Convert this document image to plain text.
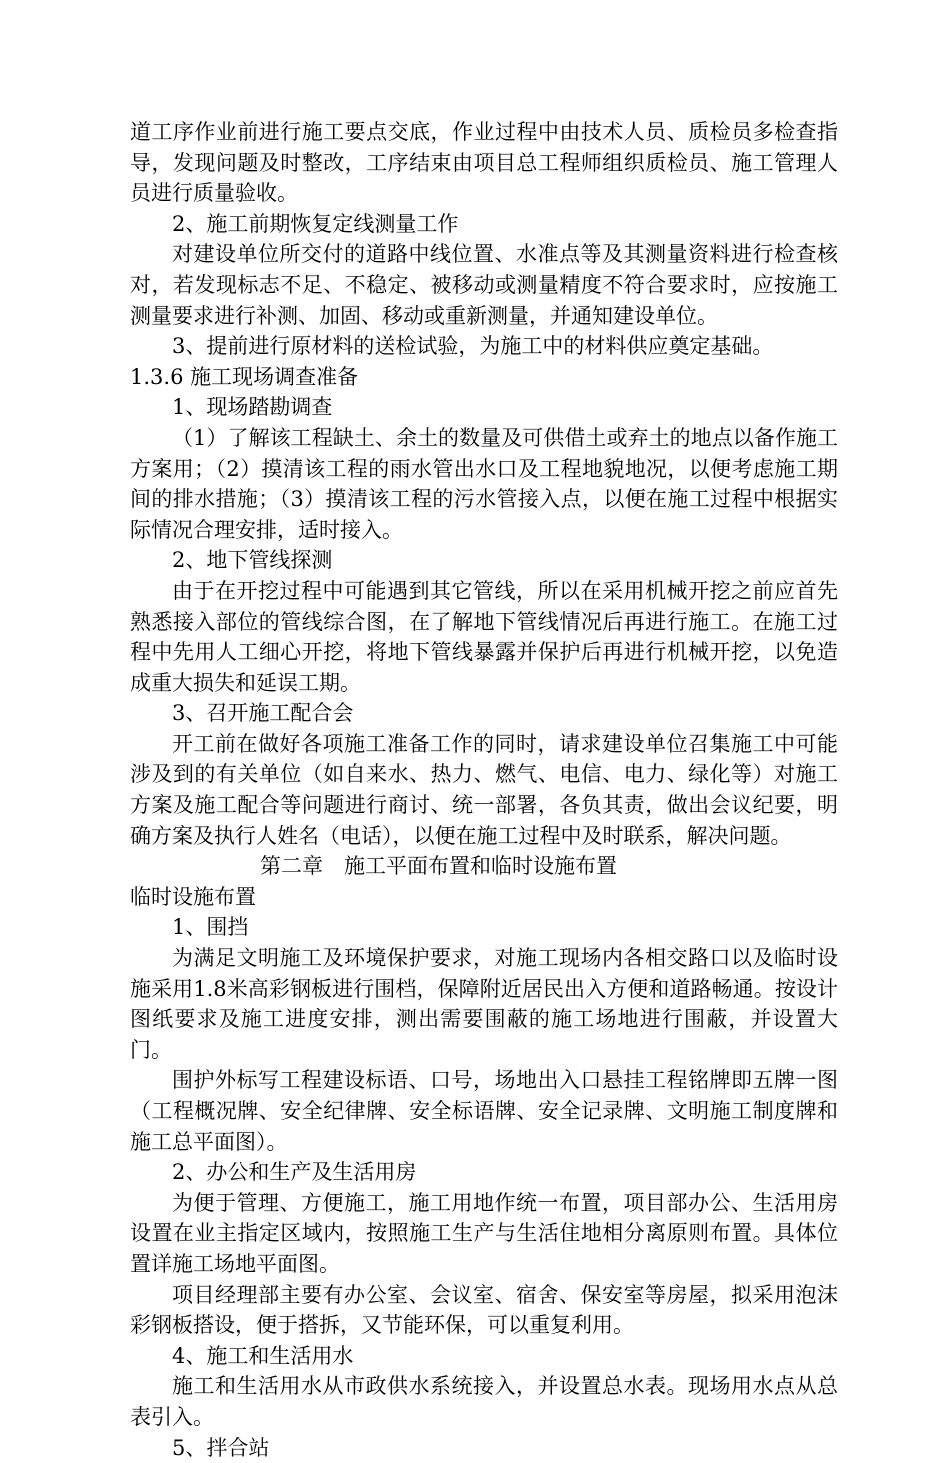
道工序作业前进行施工要点交底，作业过程中由技术人员、质检员多检查指导，发现问题及时整改，工序结束由项目总工程师组织质检员、施工管理人员进行质量验收。

2、施工前期恢复定线测量工作

对建设单位所交付的道路中线位置、水准点等及其测量资料进行检查核对，若发现标志不足、不稳定、被移动或测量精度不符合要求时，应按施工测量要求进行补测、加固、移动或重新测量，并通知建设单位。

3、提前进行原材料的送检试验，为施工中的材料供应奠定基础。

1.3.6 施工现场调查准备

1、现场踏勘调查

（1）了解该工程缺土、余土的数量及可供借土或弃土的地点以备作施工方案用；（2）摸清该工程的雨水管出水口及工程地貌地况，以便考虑施工期间的排水措施；（3）摸清该工程的污水管接入点，以便在施工过程中根据实际情况合理安排，适时接入。

2、地下管线探测

由于在开挖过程中可能遇到其它管线，所以在采用机械开挖之前应首先熟悉接入部位的管线综合图，在了解地下管线情况后再进行施工。在施工过程中先用人工细心开挖，将地下管线暴露并保护后再进行机械开挖，以免造成重大损失和延误工期。

3、召开施工配合会

开工前在做好各项施工准备工作的同时，请求建设单位召集施工中可能涉及到的有关单位（如自来水、热力、燃气、电信、电力、绿化等）对施工方案及施工配合等问题进行商讨、统一部署，各负其责，做出会议纪要，明确方案及执行人姓名（电话），以便在施工过程中及时联系，解决问题。

第二章　施工平面布置和临时设施布置

临时设施布置

1、围挡

为满足文明施工及环境保护要求，对施工现场内各相交路口以及临时设施采用1.8米高彩钢板进行围档，保障附近居民出入方便和道路畅通。按设计图纸要求及施工进度安排，测出需要围蔽的施工场地进行围蔽，并设置大门。

围护外标写工程建设标语、口号，场地出入口悬挂工程铭牌即五牌一图（工程概况牌、安全纪律牌、安全标语牌、安全记录牌、文明施工制度牌和施工总平面图）。

2、办公和生产及生活用房

为便于管理、方便施工，施工用地作统一布置，项目部办公、生活用房设置在业主指定区域内，按照施工生产与生活住地相分离原则布置。具体位置详施工场地平面图。

项目经理部主要有办公室、会议室、宿舍、保安室等房屋，拟采用泡沫彩钢板搭设，便于搭拆，又节能环保，可以重复利用。

4、施工和生活用水

施工和生活用水从市政供水系统接入，并设置总水表。现场用水点从总表引入。

5、拌合站
